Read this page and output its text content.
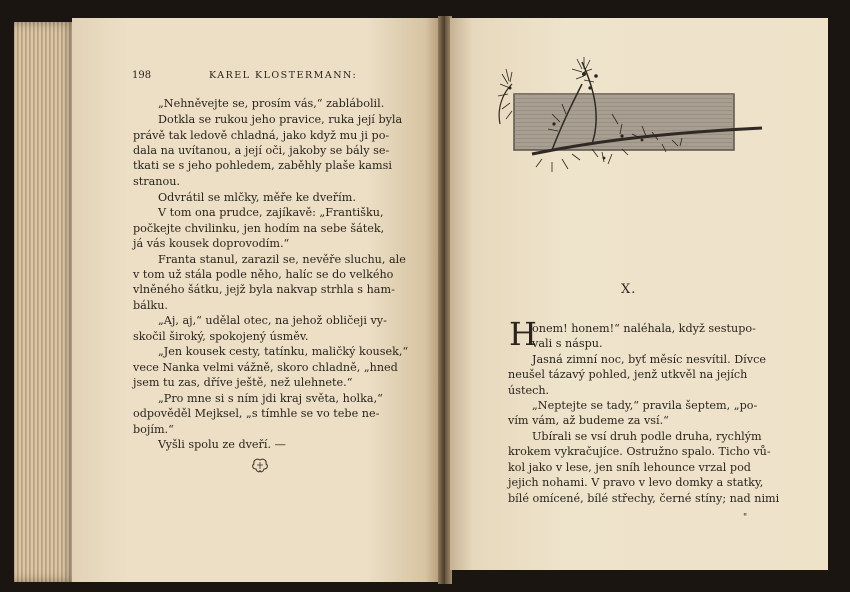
198	KAREL KLOSTERMANN:
„Nehněvejte se, prosím vás,“ zablábolil.
Dotkla se rukou jeho pravice, ruka její byla
právě tak ledově chladná, jako když mu ji po-
dala na uvítanou, a její oči, jakoby se bály se-
tkati se s jeho pohledem, zaběhly plaše kamsi
stranou.
Odvrátil se mlčky, měře ke dveřím.
V tom ona prudce, zajíkavě: „Františku,
počkejte chvilinku, jen hodím na sebe šátek,
já vás kousek doprovodím.“
Franta stanul, zarazil se, nevěře sluchu, ale
v tom už stála podle něho, halíc se do velkého
vlněného šátku, jejž byla nakvap strhla s ham-
bálku.
„Aj, aj,“ udělal otec, na jehož obličeji vy-
skočil široký, spokojený úsměv.
„Jen kousek cesty, tatínku, maličký kousek,“
vece Nanka velmi vážně, skoro chladně, „hned
jsem tu zas, dříve ještě, než ulehnete.“
„Pro mne si s ním jdi kraj světa, holka,“
odpověděl Mejksel, „s tímhle se vo tebe ne-
bojím.“
Vyšli spolu ze dveří. —
X.
H
onem! honem!“ naléhala, když sestupo-
vali s náspu.
Jasná zimní noc, byť měsíc nesvítil. Dívce
neušel tázavý pohled, jenž utkvěl na jejích
ústech.
„Neptejte se tady,“ pravila šeptem, „po-
vím vám, až budeme za vsí.“
Ubírali se vsí druh podle druha, rychlým
krokem vykračujíce. Ostružno spalo. Ticho vů-
kol jako v lese, jen sníh lehounce vrzal pod
jejich nohami. V pravo v levo domky a statky,
bílé omícené, bílé střechy, černé stíny; nad nimi
"
